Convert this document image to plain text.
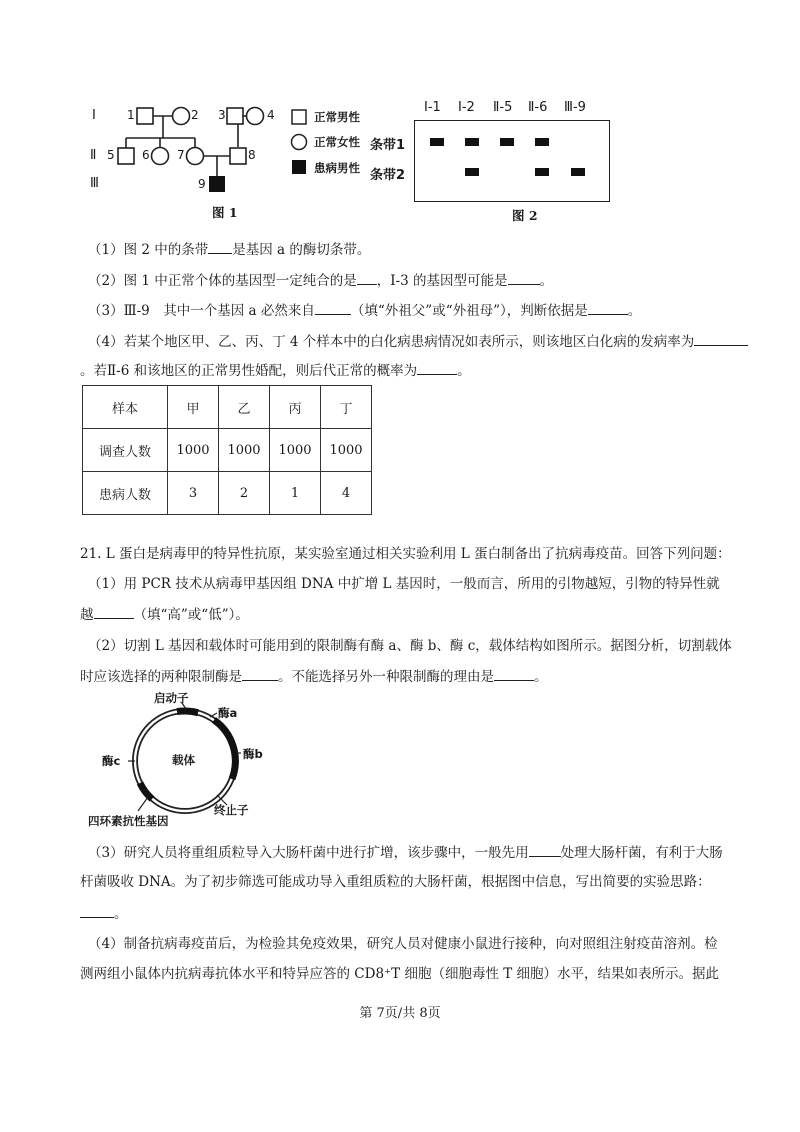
Ⅰ
Ⅱ
Ⅲ
1	2 3	4
5 6 7	8
9
图 1
正常男性
正常女性
患病男性
Ⅰ-1 Ⅰ-2 Ⅱ-5 Ⅱ-6 Ⅲ-9
条带1
条带2
图 2
（1）图 2 中的条带 是基因 a 的酶切条带。
（2）图 1 中正常个体的基因型一定纯合的是 ，Ⅰ-3 的基因型可能是 。
（3）Ⅲ-9　其中一个基因 a 必然来自	（填“外祖父”或“外祖母”），判断依据是	。
（4）若某个地区甲、乙、丙、丁 4 个样本中的白化病患病情况如表所示，则该地区白化病的发病率为
。若Ⅱ-6 和该地区的正常男性婚配，则后代正常的概率为	。
样本	甲	乙	丙	丁
调查人数	1000	1000	1000	1000
患病人数	3	2	1	4
21. L 蛋白是病毒甲的特异性抗原，某实验室通过相关实验利用 L 蛋白制备出了抗病毒疫苗。回答下列问题：
（1）用 PCR 技术从病毒甲基因组 DNA 中扩增 L 基因时，一般而言，所用的引物越短，引物的特异性就
越	（填“高”或“低”）。
（2）切割 L 基因和载体时可能用到的限制酶有酶 a、酶 b、酶 c，载体结构如图所示。据图分析，切割载体
时应该选择的两种限制酶是	。不能选择另外一种限制酶的理由是	。
启动子
酶a
酶b
酶c	载体
终止子
四环素抗性基因
（3）研究人员将重组质粒导入大肠杆菌中进行扩增，该步骤中，一般先用 处理大肠杆菌，有利于大肠
杆菌吸收 DNA。为了初步筛选可能成功导入重组质粒的大肠杆菌，根据图中信息，写出简要的实验思路：
。
（4）制备抗病毒疫苗后，为检验其免疫效果，研究人员对健康小鼠进行接种，向对照组注射疫苗溶剂。检
测两组小鼠体内抗病毒抗体水平和特异应答的 CD8⁺T 细胞（细胞毒性 T 细胞）水平，结果如表所示。据此
第 7页/共 8页
